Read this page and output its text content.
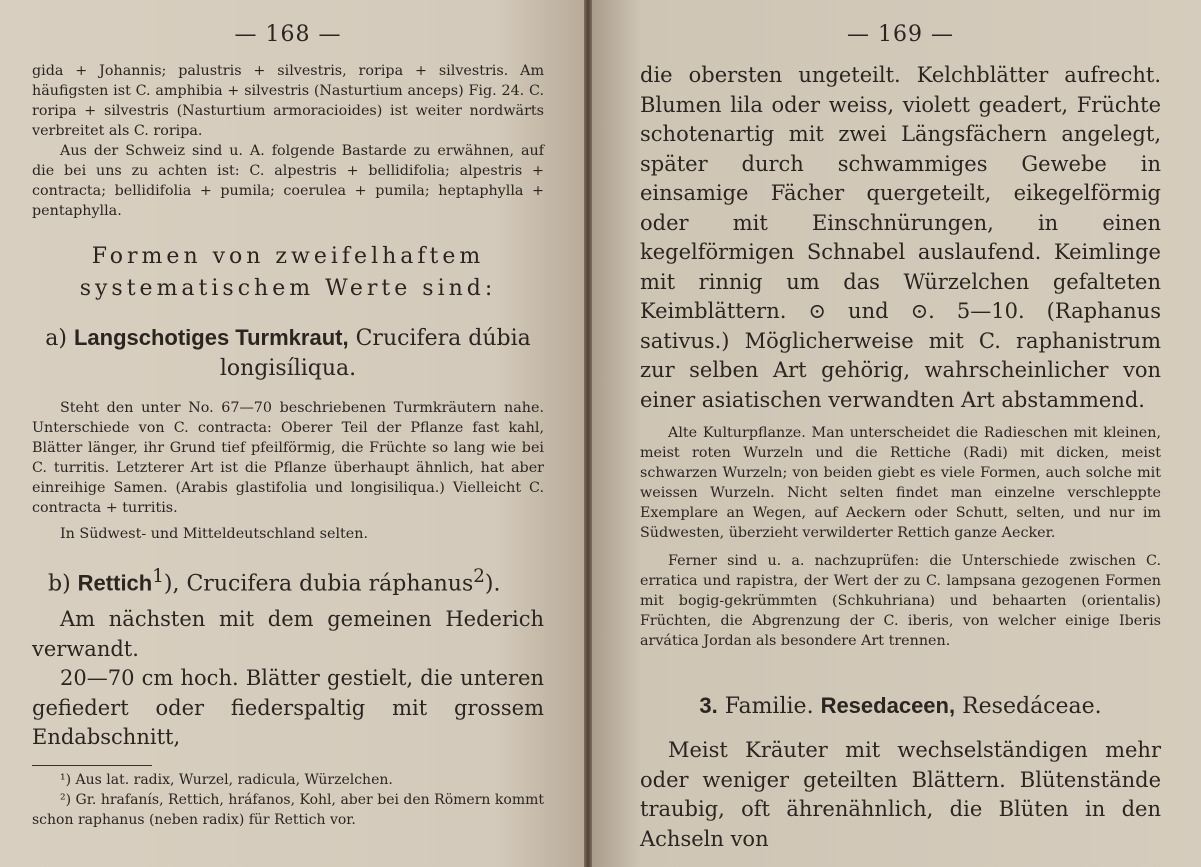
— 168 —

gida + Johannis; palustris + silvestris, roripa + silvestris. Am häufigsten ist C. amphibia + silvestris (Nasturtium anceps) Fig. 24. C. roripa + silvestris (Nasturtium armoracioides) ist weiter nordwärts verbreitet als C. roripa.

Aus der Schweiz sind u. A. folgende Bastarde zu erwähnen, auf die bei uns zu achten ist: C. alpestris + bellidifolia; alpestris + contracta; bellidifolia + pumila; coerulea + pumila; heptaphylla + pentaphylla.

Formen von zweifelhaftem systematischem Werte sind:
a) Langschotiges Turmkraut, Crucifera dúbia longisíliqua.

Steht den unter No. 67—70 beschriebenen Turmkräutern nahe. Unterschiede von C. contracta: Oberer Teil der Pflanze fast kahl, Blätter länger, ihr Grund tief pfeilförmig, die Früchte so lang wie bei C. turritis. Letzterer Art ist die Pflanze überhaupt ähnlich, hat aber einreihige Samen. (Arabis glastifolia und longisiliqua.) Vielleicht C. contracta + turritis.

In Südwest- und Mitteldeutschland selten.

b) Rettich$^1$), Crucifera dubia ráphanus$^2$).

Am nächsten mit dem gemeinen Hederich verwandt.

20—70 cm hoch. Blätter gestielt, die unteren gefiedert oder fiederspaltig mit grossem Endabschnitt,

¹) Aus lat. radix, Wurzel, radicula, Würzelchen.

²) Gr. hrafanís, Rettich, hráfanos, Kohl, aber bei den Römern kommt schon raphanus (neben radix) für Rettich vor.

— 169 —

die obersten ungeteilt. Kelchblätter aufrecht. Blumen lila oder weiss, violett geadert, Früchte schotenartig mit zwei Längsfächern angelegt, später durch schwammiges Gewebe in einsamige Fächer quergeteilt, eikegelförmig oder mit Einschnürungen, in einen kegelförmigen Schnabel auslaufend. Keimlinge mit rinnig um das Würzelchen gefalteten Keimblättern. ⊙ und ⊙. 5—10. (Raphanus sativus.) Möglicherweise mit C. raphanistrum zur selben Art gehörig, wahrscheinlicher von einer asiatischen verwandten Art abstammend.

Alte Kulturpflanze. Man unterscheidet die Radieschen mit kleinen, meist roten Wurzeln und die Rettiche (Radi) mit dicken, meist schwarzen Wurzeln; von beiden giebt es viele Formen, auch solche mit weissen Wurzeln. Nicht selten findet man einzelne verschleppte Exemplare an Wegen, auf Aeckern oder Schutt, selten, und nur im Südwesten, überzieht verwilderter Rettich ganze Aecker.

Ferner sind u. a. nachzuprüfen: die Unterschiede zwischen C. erratica und rapistra, der Wert der zu C. lampsana gezogenen Formen mit bogig-gekrümmten (Schkuhriana) und behaarten (orientalis) Früchten, die Abgrenzung der C. iberis, von welcher einige Iberis arvática Jordan als besondere Art trennen.

3. Familie. Resedaceen, Resedáceae.

Meist Kräuter mit wechselständigen mehr oder weniger geteilten Blättern. Blütenstände traubig, oft ährenähnlich, die Blüten in den Achseln von
